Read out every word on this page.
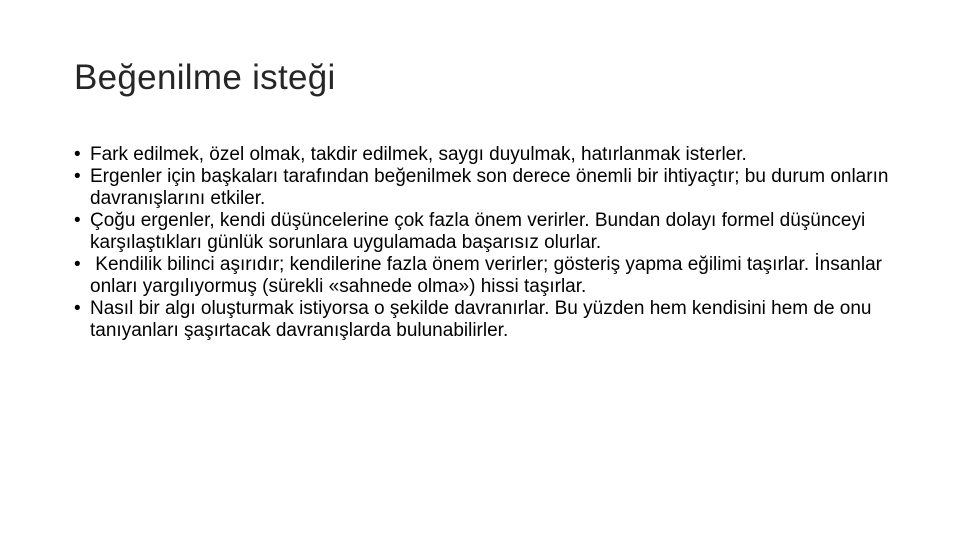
Beğenilme isteği
• Fark edilmek, özel olmak, takdir edilmek, saygı duyulmak, hatırlanmak isterler.
• Ergenler için başkaları tarafından beğenilmek son derece önemli bir ihtiyaçtır; bu durum onların davranışlarını etkiler.
• Çoğu ergenler, kendi düşüncelerine çok fazla önem verirler. Bundan dolayı formel düşünceyi karşılaştıkları günlük sorunlara uygulamada başarısız olurlar.
• Kendilik bilinci aşırıdır; kendilerine fazla önem verirler; gösteriş yapma eğilimi taşırlar. İnsanlar onları yargılıyormuş (sürekli «sahnede olma») hissi taşırlar.
• Nasıl bir algı oluşturmak istiyorsa o şekilde davranırlar. Bu yüzden hem kendisini hem de onu tanıyanları şaşırtacak davranışlarda bulunabilirler.
